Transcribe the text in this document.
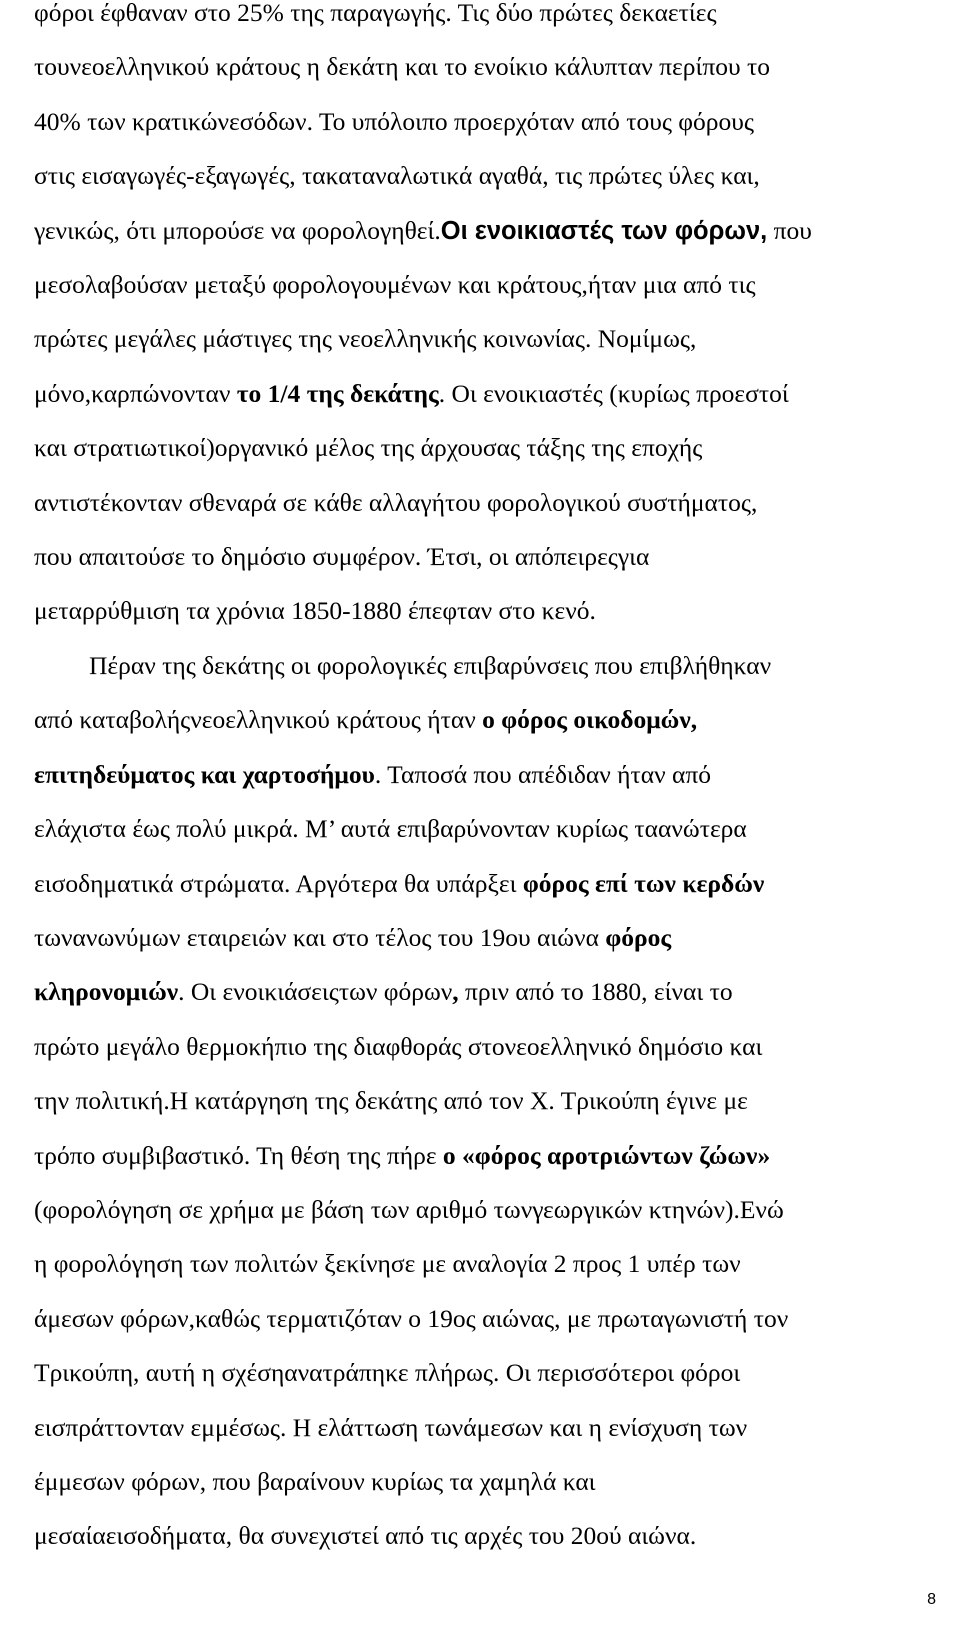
φόροι έφθαναν στο 25% της παραγωγής. Τις δύο πρώτες δεκαετίες
τουνεοελληνικού κράτους η δεκάτη και το ενοίκιο κάλυπταν περίπου το
40% των κρατικώνεσόδων. Το υπόλοιπο προερχόταν από τους φόρους
στις εισαγωγές-εξαγωγές, τακαταναλωτικά αγαθά, τις πρώτες ύλες και,
γενικώς, ότι μπορούσε να φορολογηθεί.Οι ενοικιαστές των φόρων, που
μεσολαβούσαν μεταξύ φορολογουμένων και κράτους,ήταν μια από τις
πρώτες μεγάλες μάστιγες της νεοελληνικής κοινωνίας. Νομίμως,
μόνο,καρπώνονταν το 1/4 της δεκάτης. Οι ενοικιαστές (κυρίως προεστοί
και στρατιωτικοί)οργανικό μέλος της άρχουσας τάξης της εποχής
αντιστέκονταν σθεναρά σε κάθε αλλαγήτου φορολογικού συστήματος,
που απαιτούσε το δημόσιο συμφέρον. Έτσι, οι απόπειρεςγια
μεταρρύθμιση τα χρόνια 1850-1880 έπεφταν στο κενό.

Πέραν της δεκάτης οι φορολογικές επιβαρύνσεις που επιβλήθηκαν
από καταβολήςνεοελληνικού κράτους ήταν ο φόρος οικοδομών,
επιτηδεύματος και χαρτοσήμου. Ταποσά που απέδιδαν ήταν από
ελάχιστα έως πολύ μικρά. Μ’ αυτά επιβαρύνονταν κυρίως ταανώτερα
εισοδηματικά στρώματα. Αργότερα θα υπάρξει φόρος επί των κερδών
τωνανωνύμων εταιρειών και στο τέλος του 19ου αιώνα φόρος
κληρονομιών. Οι ενοικιάσειςτων φόρων, πριν από το 1880, είναι το
πρώτο μεγάλο θερμοκήπιο της διαφθοράς στονεοελληνικό δημόσιο και
την πολιτική.Η κατάργηση της δεκάτης από τον Χ. Τρικούπη έγινε με
τρόπο συμβιβαστικό. Τη θέση της πήρε ο «φόρος αροτριώντων ζώων»
(φορολόγηση σε χρήμα με βάση των αριθμό τωνγεωργικών κτηνών).Ενώ
η φορολόγηση των πολιτών ξεκίνησε με αναλογία 2 προς 1 υπέρ των
άμεσων φόρων,καθώς τερματιζόταν ο 19ος αιώνας, με πρωταγωνιστή τον
Τρικούπη, αυτή η σχέσηανατράπηκε πλήρως. Οι περισσότεροι φόροι
εισπράττονταν εμμέσως. Η ελάττωση τωνάμεσων και η ενίσχυση των
έμμεσων φόρων, που βαραίνουν κυρίως τα χαμηλά και
μεσαίαεισοδήματα, θα συνεχιστεί από τις αρχές του 20ού αιώνα.

8
